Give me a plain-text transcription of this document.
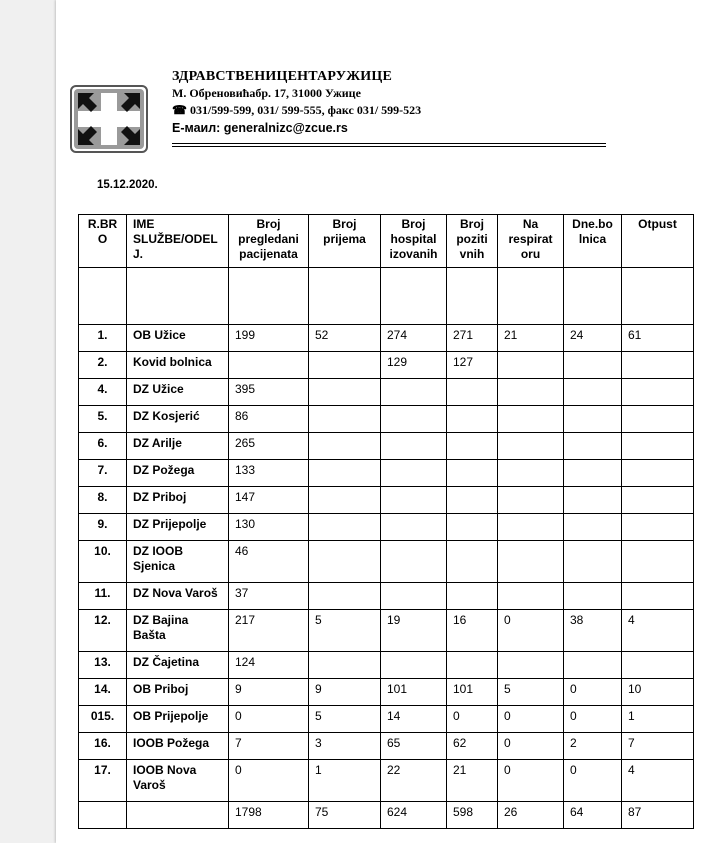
ЗДРАВСТВЕНИЦЕНТАРУЖИЦЕ
М. Обреновићабр. 17, 31000 Ужице
☎ 031/599-599, 031/ 599-555, факс 031/ 599-523
Е-маил: generalnizc@zcue.rs
15.12.2020.
R.BR O	IME SLUŽBE/ODEL J.	Broj pregledani pacijenata	Broj prijema	Broj hospital izovanih	Broj poziti vnih	Na respirat oru	Dne.bo lnica	Otpust

1.	OB Užice	199	52	274	271	21	24	61
2.	Kovid bolnica			129	127			
4.	DZ Užice	395						
5.	DZ Kosjerić	86						
6.	DZ Arilje	265						
7.	DZ Požega	133						
8.	DZ Priboj	147						
9.	DZ Prijepolje	130						
10.	DZ IOOB Sjenica	46						
11.	DZ Nova Varoš	37						
12.	DZ Bajina Bašta	217	5	19	16	0	38	4
13.	DZ Čajetina	124						
14.	OB Priboj	9	9	101	101	5	0	10
015.	OB Prijepolje	0	5	14	0	0	0	1
16.	IOOB Požega	7	3	65	62	0	2	7
17.	IOOB Nova Varoš	0	1	22	21	0	0	4
		1798	75	624	598	26	64	87
